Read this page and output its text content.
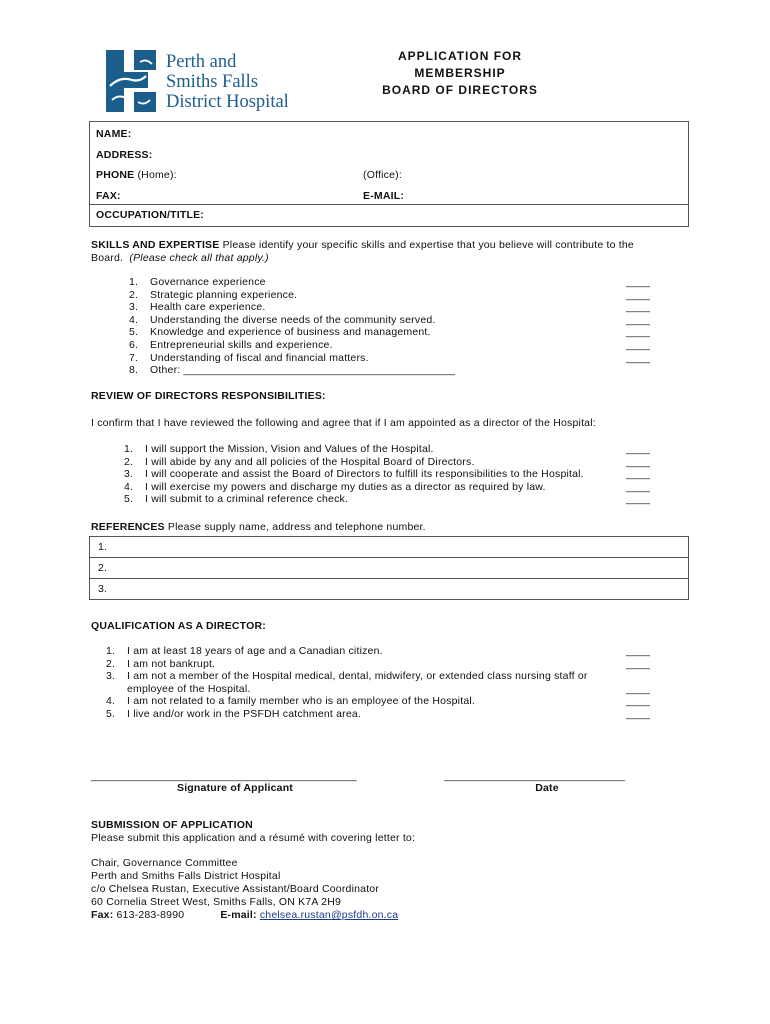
Perth and
Smiths Falls
District Hospital
APPLICATION FOR
MEMBERSHIP
BOARD OF DIRECTORS
NAME:
ADDRESS:
PHONE (Home):	(Office):
FAX:	E-MAIL:
OCCUPATION/TITLE:
SKILLS AND EXPERTISE Please identify your specific skills and expertise that you believe will contribute to the
Board. (Please check all that apply.)
1. Governance experience	____
2. Strategic planning experience.	____
3. Health care experience.	____
4. Understanding the diverse needs of the community served.	____
5. Knowledge and experience of business and management.	____
6. Entrepreneurial skills and experience.	____
7. Understanding of fiscal and financial matters.	____
8. Other: _____________________________________________
REVIEW OF DIRECTORS RESPONSIBILITIES:
I confirm that I have reviewed the following and agree that if I am appointed as a director of the Hospital:
1. I will support the Mission, Vision and Values of the Hospital.	____
2. I will abide by any and all policies of the Hospital Board of Directors.	____
3. I will cooperate and assist the Board of Directors to fulfill its responsibilities to the Hospital.	____
4. I will exercise my powers and discharge my duties as a director as required by law.	____
5. I will submit to a criminal reference check.	____
REFERENCES Please supply name, address and telephone number.
1.
2.
3.
QUALIFICATION AS A DIRECTOR:
1. I am at least 18 years of age and a Canadian citizen.	____
2. I am not bankrupt.	____
3. I am not a member of the Hospital medical, dental, midwifery, or extended class nursing staff or
employee of the Hospital.	____
4. I am not related to a family member who is an employee of the Hospital.	____
5. I live and/or work in the PSFDH catchment area.	____
____________________________________________
Signature of Applicant
______________________________
Date
SUBMISSION OF APPLICATION
Please submit this application and a résumé with covering letter to:
Chair, Governance Committee
Perth and Smiths Falls District Hospital
c/o Chelsea Rustan, Executive Assistant/Board Coordinator
60 Cornelia Street West, Smiths Falls, ON K7A 2H9
Fax: 613-283-8990	E-mail: chelsea.rustan@psfdh.on.ca
